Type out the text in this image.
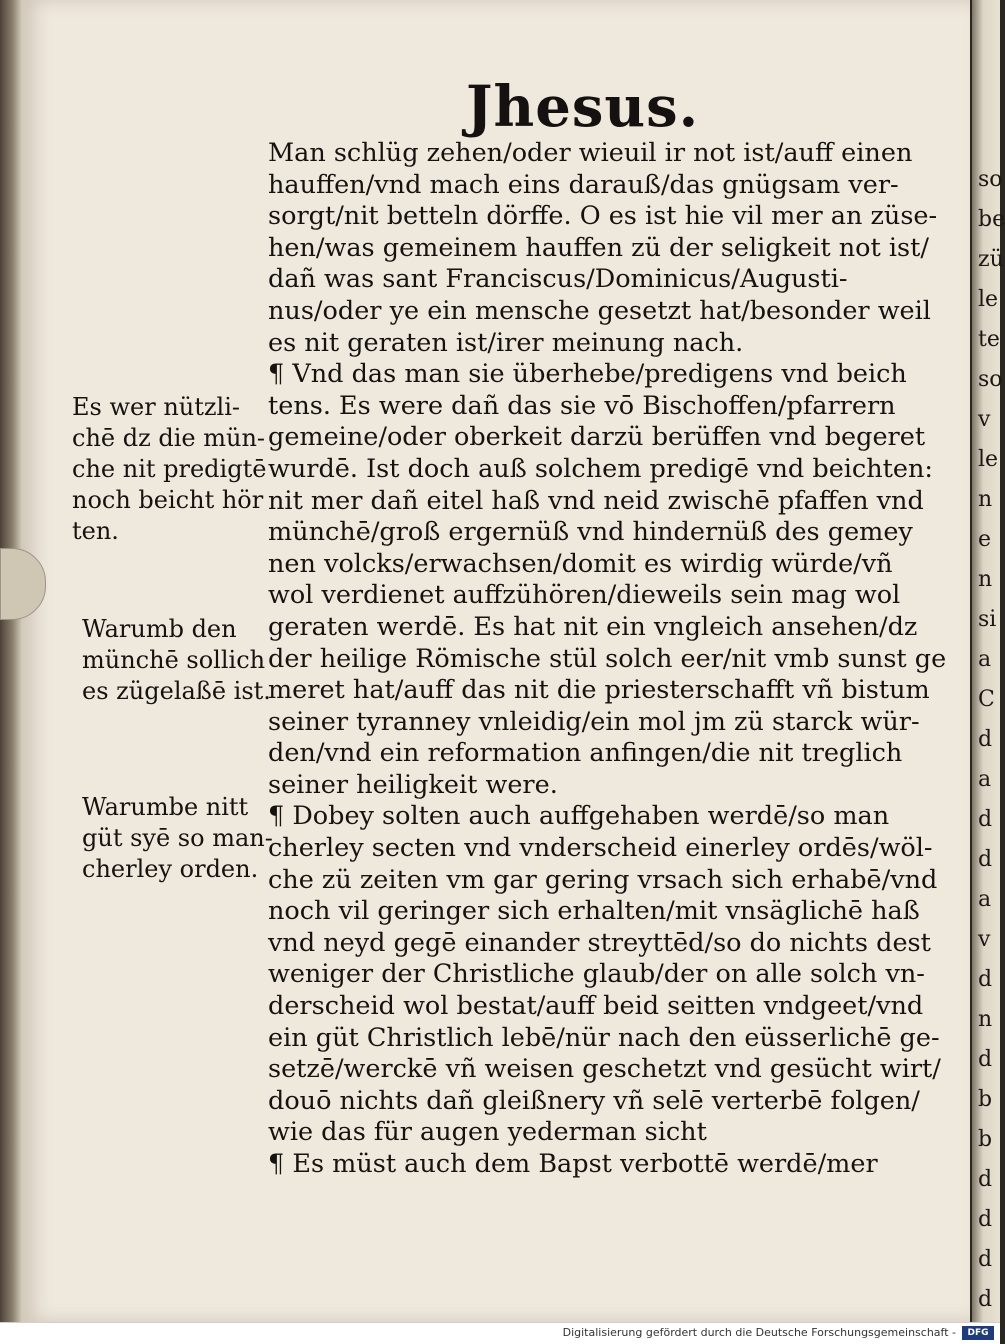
so
be
zü
le
te
so
v
le
n
e
n
si
a
C
d
a
d
d
a
v
d
n
d
b
b
d
d
d
d
Jhesus.
Man schlüg zehen/oder wieuil ir not ist/auff einen
hauffen/vnd mach eins darauß/das gnügsam ver-
sorgt/nit betteln dörffe. O es ist hie vil mer an züse-
hen/was gemeinem hauffen zü der seligkeit not ist/
dañ was sant Franciscus/Dominicus/Augusti-
nus/oder ye ein mensche gesetzt hat/besonder weil
es nit geraten ist/irer meinung nach.
¶ Vnd das man sie überhebe/predigens vnd beich
tens. Es were dañ das sie vō Bischoffen/pfarrern
gemeine/oder oberkeit darzü berüffen vnd begeret
wurdē. Ist doch auß solchem predigē vnd beichten:
nit mer dañ eitel haß vnd neid zwischē pfaffen vnd
münchē/groß ergernüß vnd hindernüß des gemey
nen volcks/erwachsen/domit es wirdig würde/vñ
wol verdienet auffzühören/dieweils sein mag wol
geraten werdē. Es hat nit ein vngleich ansehen/dz
der heilige Römische stül solch eer/nit vmb sunst ge
meret hat/auff das nit die priesterschafft vñ bistum
seiner tyranney vnleidig/ein mol jm zü starck wür-
den/vnd ein reformation anfingen/die nit treglich
seiner heiligkeit were.
¶ Dobey solten auch auffgehaben werdē/so man
cherley secten vnd vnderscheid einerley ordēs/wöl-
che zü zeiten vm gar gering vrsach sich erhabē/vnd
noch vil geringer sich erhalten/mit vnsäglichē haß
vnd neyd gegē einander streyttēd/so do nichts dest
weniger der Christliche glaub/der on alle solch vn-
derscheid wol bestat/auff beid seitten vndgeet/vnd
ein güt Christlich lebē/nür nach den eüsserlichē ge-
setzē/werckē vñ weisen geschetzt vnd gesücht wirt/
douō nichts dañ gleißnery vñ selē verterbē folgen/
wie das für augen yederman sicht
¶ Es müst auch dem Bapst verbottē werdē/mer
Es wer nützli-
chē dz die mün-
che nit predigtē
noch beicht hör
ten.
Warumb den
münchē sollich
es zügelaßē ist.
Warumbe nitt
güt syē so man-
cherley orden.
Digitalisierung gefördert durch die Deutsche Forschungsgemeinschaft -	DFG
